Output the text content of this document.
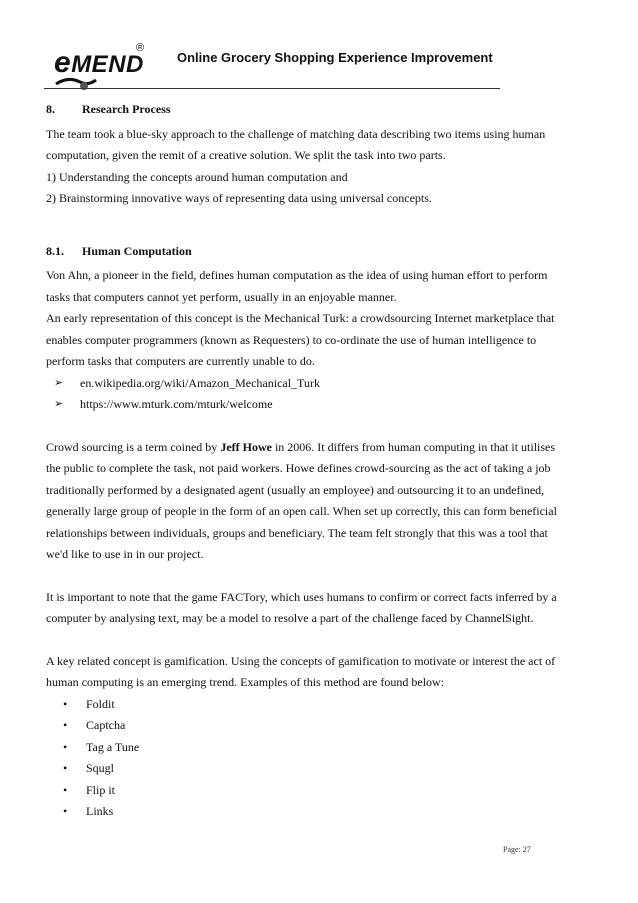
eMEND
®
Online Grocery Shopping Experience Improvement

8. Research Process

The team took a blue-sky approach to the challenge of matching data describing two items using human computation, given the remit of a creative solution. We split the task into two parts.

1) Understanding the concepts around human computation and

2) Brainstorming innovative ways of representing data using universal concepts.

8.1. Human Computation

Von Ahn, a pioneer in the field, defines human computation as the idea of using human effort to perform tasks that computers cannot yet perform, usually in an enjoyable manner.

An early representation of this concept is the Mechanical Turk: a crowdsourcing Internet marketplace that enables computer programmers (known as Requesters) to co-ordinate the use of human intelligence to perform tasks that computers are currently unable to do.

➢ en.wikipedia.org/wiki/Amazon_Mechanical_Turk
➢ https://www.mturk.com/mturk/welcome

Crowd sourcing is a term coined by Jeff Howe in 2006. It differs from human computing in that it utilises the public to complete the task, not paid workers. Howe defines crowd-sourcing as the act of taking a job traditionally performed by a designated agent (usually an employee) and outsourcing it to an undefined, generally large group of people in the form of an open call. When set up correctly, this can form beneficial relationships between individuals, groups and beneficiary. The team felt strongly that this was a tool that we'd like to use in in our project.

It is important to note that the game FACTory, which uses humans to confirm or correct facts inferred by a computer by analysing text, may be a model to resolve a part of the challenge faced by ChannelSight.

A key related concept is gamification. Using the concepts of gamification to motivate or interest the act of human computing is an emerging trend. Examples of this method are found below:

• Foldit
• Captcha
• Tag a Tune
• Squgl
• Flip it
• Links
Page: 27
